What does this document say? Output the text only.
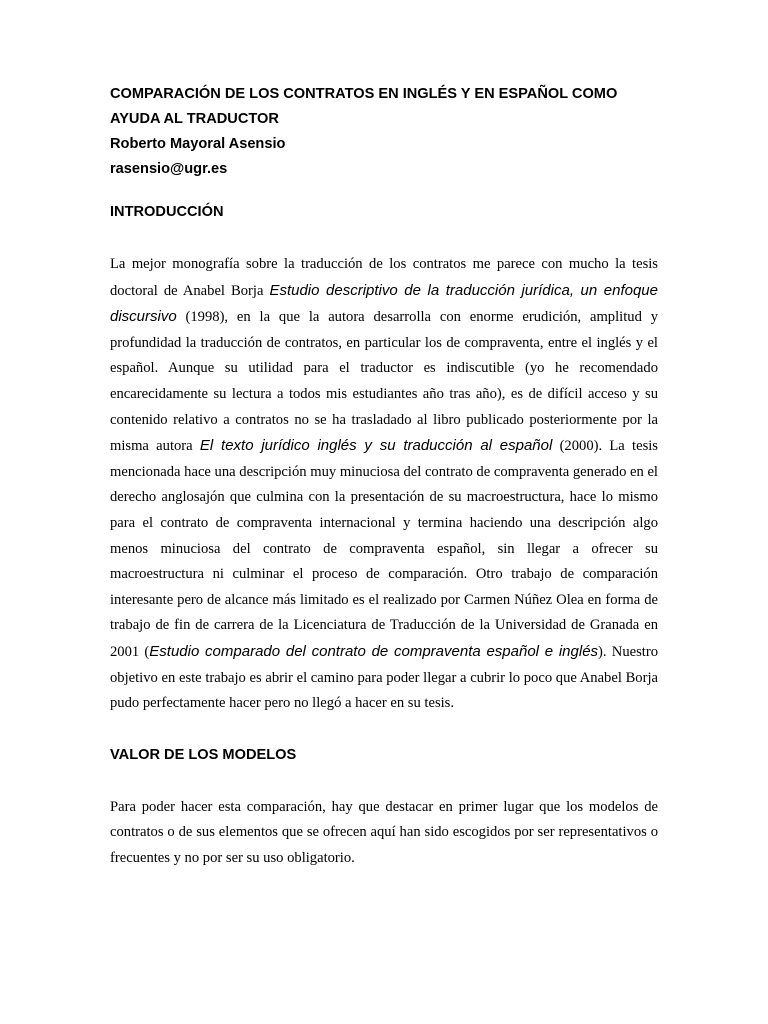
COMPARACIÓN DE LOS CONTRATOS EN INGLÉS Y EN ESPAÑOL COMO

AYUDA AL TRADUCTOR

Roberto Mayoral Asensio

rasensio@ugr.es

INTRODUCCIÓN

La mejor monografía sobre la traducción de los contratos me parece con mucho la tesis doctoral de Anabel Borja Estudio descriptivo de la traducción jurídica, un enfoque discursivo (1998), en la que la autora desarrolla con enorme erudición, amplitud y profundidad la traducción de contratos, en particular los de compraventa, entre el inglés y el español. Aunque su utilidad para el traductor es indiscutible (yo he recomendado encarecidamente su lectura a todos mis estudiantes año tras año), es de difícil acceso y su contenido relativo a contratos no se ha trasladado al libro publicado posteriormente por la misma autora El texto jurídico inglés y su traducción al español (2000). La tesis mencionada hace una descripción muy minuciosa del contrato de compraventa generado en el derecho anglosajón que culmina con la presentación de su macroestructura, hace lo mismo para el contrato de compraventa internacional y termina haciendo una descripción algo menos minuciosa del contrato de compraventa español, sin llegar a ofrecer su macroestructura ni culminar el proceso de comparación. Otro trabajo de comparación interesante pero de alcance más limitado es el realizado por Carmen Núñez Olea en forma de trabajo de fin de carrera de la Licenciatura de Traducción de la Universidad de Granada en 2001 (Estudio comparado del contrato de compraventa español e inglés). Nuestro objetivo en este trabajo es abrir el camino para poder llegar a cubrir lo poco que Anabel Borja pudo perfectamente hacer pero no llegó a hacer en su tesis.

VALOR DE LOS MODELOS

Para poder hacer esta comparación, hay que destacar en primer lugar que los modelos de contratos o de sus elementos que se ofrecen aquí han sido escogidos por ser representativos o frecuentes y no por ser su uso obligatorio.
